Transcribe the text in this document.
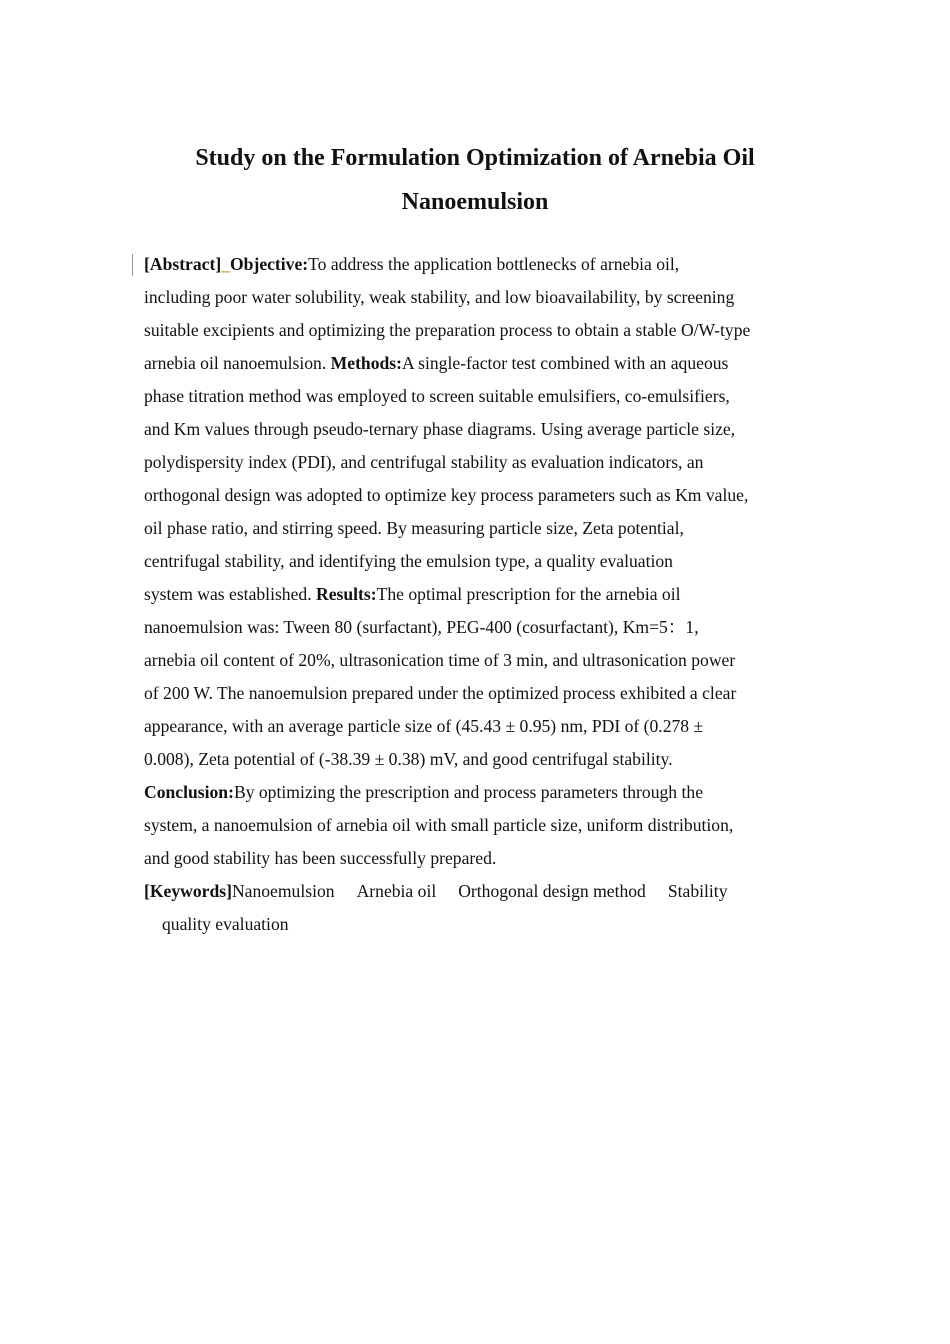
Study on the Formulation Optimization of Arnebia Oil
Nanoemulsion
[Abstract]_Objective:To address the application bottlenecks of arnebia oil,
including poor water solubility, weak stability, and low bioavailability, by screening
suitable excipients and optimizing the preparation process to obtain a stable O/W-type
arnebia oil nanoemulsion. Methods:A single-factor test combined with an aqueous
phase titration method was employed to screen suitable emulsifiers, co-emulsifiers,
and Km values through pseudo-ternary phase diagrams. Using average particle size,
polydispersity index (PDI), and centrifugal stability as evaluation indicators, an
orthogonal design was adopted to optimize key process parameters such as Km value,
oil phase ratio, and stirring speed. By measuring particle size, Zeta potential,
centrifugal stability, and identifying the emulsion type, a quality evaluation
system was established. Results:The optimal prescription for the arnebia oil
nanoemulsion was: Tween 80 (surfactant), PEG-400 (cosurfactant), Km=5：1,
arnebia oil content of 20%, ultrasonication time of 3 min, and ultrasonication power
of 200 W. The nanoemulsion prepared under the optimized process exhibited a clear
appearance, with an average particle size of (45.43 ± 0.95) nm, PDI of (0.278 ±
0.008), Zeta potential of (-38.39 ± 0.38) mV, and good centrifugal stability.
Conclusion:By optimizing the prescription and process parameters through the
system, a nanoemulsion of arnebia oil with small particle size, uniform distribution,
and good stability has been successfully prepared.
[Keywords]Nanoemulsion Arnebia oil Orthogonal design method Stability
quality evaluation
